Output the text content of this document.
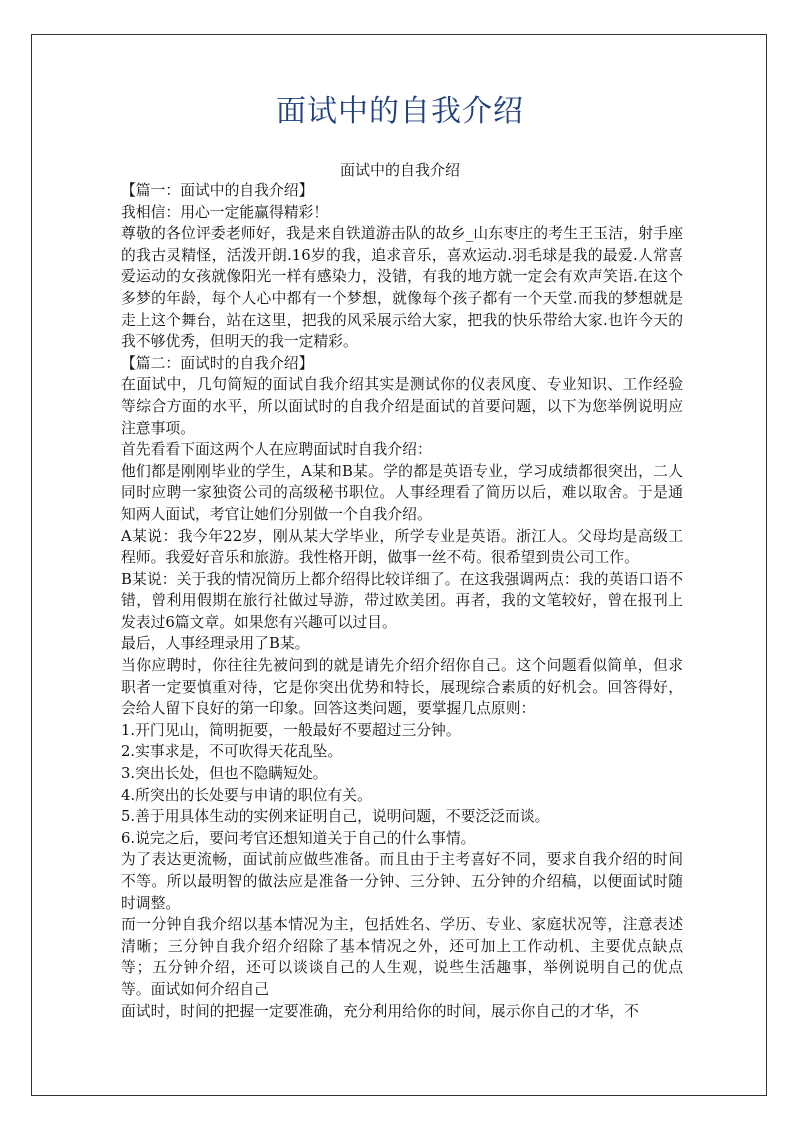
面试中的自我介绍
面试中的自我介绍

【篇一：面试中的自我介绍】

我相信：用心一定能赢得精彩！

尊敬的各位评委老师好，我是来自铁道游击队的故乡_山东枣庄的考生王玉洁，射手座的我古灵精怪，活泼开朗.16岁的我，追求音乐，喜欢运动.羽毛球是我的最爱.人常喜爱运动的女孩就像阳光一样有感染力，没错，有我的地方就一定会有欢声笑语.在这个多梦的年龄，每个人心中都有一个梦想，就像每个孩子都有一个天堂.而我的梦想就是走上这个舞台，站在这里，把我的风采展示给大家，把我的快乐带给大家.也许今天的我不够优秀，但明天的我一定精彩。

【篇二：面试时的自我介绍】

在面试中，几句简短的面试自我介绍其实是测试你的仪表风度、专业知识、工作经验等综合方面的水平，所以面试时的自我介绍是面试的首要问题，以下为您举例说明应注意事项。

首先看看下面这两个人在应聘面试时自我介绍：

他们都是刚刚毕业的学生，A某和B某。学的都是英语专业，学习成绩都很突出，二人同时应聘一家独资公司的高级秘书职位。人事经理看了简历以后，难以取舍。于是通知两人面试，考官让她们分别做一个自我介绍。

A某说：我今年22岁，刚从某大学毕业，所学专业是英语。浙江人。父母均是高级工程师。我爱好音乐和旅游。我性格开朗，做事一丝不苟。很希望到贵公司工作。

B某说：关于我的情况简历上都介绍得比较详细了。在这我强调两点：我的英语口语不错，曾利用假期在旅行社做过导游，带过欧美团。再者，我的文笔较好，曾在报刊上发表过6篇文章。如果您有兴趣可以过目。

最后，人事经理录用了B某。

当你应聘时，你往往先被问到的就是请先介绍介绍你自己。这个问题看似简单，但求职者一定要慎重对待，它是你突出优势和特长，展现综合素质的好机会。回答得好，会给人留下良好的第一印象。回答这类问题，要掌握几点原则：

1.开门见山，简明扼要，一般最好不要超过三分钟。

2.实事求是，不可吹得天花乱坠。

3.突出长处，但也不隐瞒短处。

4.所突出的长处要与申请的职位有关。

5.善于用具体生动的实例来证明自己，说明问题，不要泛泛而谈。

6.说完之后，要问考官还想知道关于自己的什么事情。

为了表达更流畅，面试前应做些准备。而且由于主考喜好不同，要求自我介绍的时间不等。所以最明智的做法应是准备一分钟、三分钟、五分钟的介绍稿，以便面试时随时调整。

而一分钟自我介绍以基本情况为主，包括姓名、学历、专业、家庭状况等，注意表述清晰；三分钟自我介绍介绍除了基本情况之外，还可加上工作动机、主要优点缺点等；五分钟介绍，还可以谈谈自己的人生观，说些生活趣事，举例说明自己的优点等。面试如何介绍自己

面试时，时间的把握一定要准确，充分利用给你的时间，展示你自己的才华，不
